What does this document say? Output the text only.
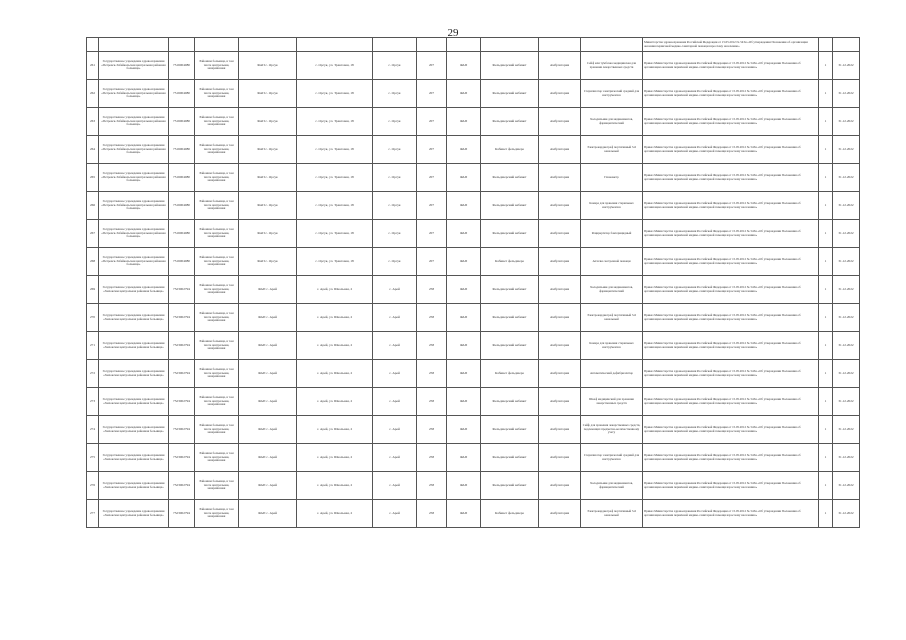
29
												Министерства здравоохранения Российской Федерации от 15.05.2012 № 543н «Об утверждении Положения об организации оказания первичной медико-санитарной помощи взрослому населению»		
261	Государственное учреждение здравоохранения «Петровск-Забайкальская центральная районная больница»	7516004080	Районная больница, в том числе центральная, межрайонная	ФАП с. Орсук	с. Орсук, ул. Трактовая, 18	с. Орсук	207	ФАП	Фельдшерский кабинет	Амбулатория	Сейф или тумбочка медицинская для хранения лекарственных средств	Приказ Министерства здравоохранения Российской Федерации от 15.05.2012 № 543н «Об утверждении Положения об организации оказания первичной медико-санитарной помощи взрослому населению»	1	31.12.2022
262	Государственное учреждение здравоохранения «Петровск-Забайкальская центральная районная больница»	7516004080	Районная больница, в том числе центральная, межрайонная	ФАП с. Орсук	с. Орсук, ул. Трактовая, 18	с. Орсук	207	ФАП	Фельдшерский кабинет	Амбулатория	Стерилизатор электрический средний для инструментов	Приказ Министерства здравоохранения Российской Федерации от 15.05.2012 № 543н «Об утверждении Положения об организации оказания первичной медико-санитарной помощи взрослому населению»	1	31.12.2022
263	Государственное учреждение здравоохранения «Петровск-Забайкальская центральная районная больница»	7516004080	Районная больница, в том числе центральная, межрайонная	ФАП с. Орсук	с. Орсук, ул. Трактовая, 18	с. Орсук	207	ФАП	Фельдшерский кабинет	Амбулатория	Холодильник для медикаментов, фармацевтический	Приказ Министерства здравоохранения Российской Федерации от 15.05.2012 № 543н «Об утверждении Положения об организации оказания первичной медико-санитарной помощи взрослому населению»	1	31.12.2022
264	Государственное учреждение здравоохранения «Петровск-Забайкальская центральная районная больница»	7516004080	Районная больница, в том числе центральная, межрайонная	ФАП с. Орсук	с. Орсук, ул. Трактовая, 18	с. Орсук	207	ФАП	Кабинет фельдшера	Амбулатория	Электрокардиограф портативный 3-6 канальный	Приказ Министерства здравоохранения Российской Федерации от 15.05.2012 № 543н «Об утверждении Положения об организации оказания первичной медико-санитарной помощи взрослому населению»	1	31.12.2022
265	Государственное учреждение здравоохранения «Петровск-Забайкальская центральная районная больница»	7516004080	Районная больница, в том числе центральная, межрайонная	ФАП с. Орсук	с. Орсук, ул. Трактовая, 18	с. Орсук	207	ФАП	Фельдшерский кабинет	Амбулатория	Глюкометр	Приказ Министерства здравоохранения Российской Федерации от 15.05.2012 № 543н «Об утверждении Положения об организации оказания первичной медико-санитарной помощи взрослому населению»	1	31.12.2022
266	Государственное учреждение здравоохранения «Петровск-Забайкальская центральная районная больница»	7516004080	Районная больница, в том числе центральная, межрайонная	ФАП с. Орсук	с. Орсук, ул. Трактовая, 18	с. Орсук	207	ФАП	Фельдшерский кабинет	Амбулатория	Камера для хранения стерильных инструментов	Приказ Министерства здравоохранения Российской Федерации от 15.05.2012 № 543н «Об утверждении Положения об организации оказания первичной медико-санитарной помощи взрослому населению»	1	31.12.2022
267	Государственное учреждение здравоохранения «Петровск-Забайкальская центральная районная больница»	7516004080	Районная больница, в том числе центральная, межрайонная	ФАП с. Орсук	с. Орсук, ул. Трактовая, 18	с. Орсук	207	ФАП	Фельдшерский кабинет	Амбулатория	Рециркулятор бактерицидный	Приказ Министерства здравоохранения Российской Федерации от 15.05.2012 № 543н «Об утверждении Положения об организации оказания первичной медико-санитарной помощи взрослому населению»	1	31.12.2022
268	Государственное учреждение здравоохранения «Петровск-Забайкальская центральная районная больница»	7516004080	Районная больница, в том числе центральная, межрайонная	ФАП с. Орсук	с. Орсук, ул. Трактовая, 18	с. Орсук	207	ФАП	Кабинет фельдшера	Амбулатория	Аптечка экстренной помощи	Приказ Министерства здравоохранения Российской Федерации от 15.05.2012 № 543н «Об утверждении Положения об организации оказания первичной медико-санитарной помощи взрослому населению»	1	31.12.2022
269	Государственное учреждение здравоохранения «Хилокская центральная районная больница»	7523002794	Районная больница, в том числе центральная, межрайонная	ФАП с. Арей	с. Арей, ул. Школьная, 2	с. Арей	258	ФАП	Фельдшерский кабинет	Амбулатория	Холодильник для медикаментов, фармацевтический	Приказ Министерства здравоохранения Российской Федерации от 15.05.2012 № 543н «Об утверждении Положения об организации оказания первичной медико-санитарной помощи взрослому населению»	1	31.12.2022
270	Государственное учреждение здравоохранения «Хилокская центральная районная больница»	7523002794	Районная больница, в том числе центральная, межрайонная	ФАП с. Арей	с. Арей, ул. Школьная, 2	с. Арей	258	ФАП	Фельдшерский кабинет	Амбулатория	Электрокардиограф портативный 3-6 канальный	Приказ Министерства здравоохранения Российской Федерации от 15.05.2012 № 543н «Об утверждении Положения об организации оказания первичной медико-санитарной помощи взрослому населению»	1	31.12.2022
271	Государственное учреждение здравоохранения «Хилокская центральная районная больница»	7523002794	Районная больница, в том числе центральная, межрайонная	ФАП с. Арей	с. Арей, ул. Школьная, 2	с. Арей	258	ФАП	Фельдшерский кабинет	Амбулатория	Камера для хранения стерильных инструментов	Приказ Министерства здравоохранения Российской Федерации от 15.05.2012 № 543н «Об утверждении Положения об организации оказания первичной медико-санитарной помощи взрослому населению»	1	31.12.2022
272	Государственное учреждение здравоохранения «Хилокская центральная районная больница»	7523002794	Районная больница, в том числе центральная, межрайонная	ФАП с. Арей	с. Арей, ул. Школьная, 2	с. Арей	258	ФАП	Кабинет фельдшера	Амбулатория	Автоматический дефибриллятор	Приказ Министерства здравоохранения Российской Федерации от 15.05.2012 № 543н «Об утверждении Положения об организации оказания первичной медико-санитарной помощи взрослому населению»	1	31.12.2022
273	Государственное учреждение здравоохранения «Хилокская центральная районная больница»	7523002794	Районная больница, в том числе центральная, межрайонная	ФАП с. Арей	с. Арей, ул. Школьная, 2	с. Арей	258	ФАП	Фельдшерский кабинет	Амбулатория	Шкаф медицинский для хранения лекарственных средств	Приказ Министерства здравоохранения Российской Федерации от 15.05.2012 № 543н «Об утверждении Положения об организации оказания первичной медико-санитарной помощи взрослому населению»	1	31.12.2022
274	Государственное учреждение здравоохранения «Хилокская центральная районная больница»	7523002794	Районная больница, в том числе центральная, межрайонная	ФАП с. Арей	с. Арей, ул. Школьная, 2	с. Арей	258	ФАП	Фельдшерский кабинет	Амбулатория	Сейф для хранения лекарственных средств, подлежащих предметно-количественному учету	Приказ Министерства здравоохранения Российской Федерации от 15.05.2012 № 543н «Об утверждении Положения об организации оказания первичной медико-санитарной помощи взрослому населению»	1	31.12.2022
275	Государственное учреждение здравоохранения «Хилокская центральная районная больница»	7523002794	Районная больница, в том числе центральная, межрайонная	ФАП с. Арей	с. Арей, ул. Школьная, 2	с. Арей	258	ФАП	Фельдшерский кабинет	Амбулатория	Стерилизатор электрический средний для инструментов	Приказ Министерства здравоохранения Российской Федерации от 15.05.2012 № 543н «Об утверждении Положения об организации оказания первичной медико-санитарной помощи взрослому населению»	1	31.12.2022
276	Государственное учреждение здравоохранения «Хилокская центральная районная больница»	7523002794	Районная больница, в том числе центральная, межрайонная	ФАП с. Арей	с. Арей, ул. Школьная, 2	с. Арей	258	ФАП	Фельдшерский кабинет	Амбулатория	Холодильник для медикаментов, фармацевтический	Приказ Министерства здравоохранения Российской Федерации от 15.05.2012 № 543н «Об утверждении Положения об организации оказания первичной медико-санитарной помощи взрослому населению»	1	31.12.2022
277	Государственное учреждение здравоохранения «Хилокская центральная районная больница»	7523002794	Районная больница, в том числе центральная, межрайонная	ФАП с. Арей	с. Арей, ул. Школьная, 2	с. Арей	258	ФАП	Кабинет фельдшера	Амбулатория	Электрокардиограф портативный 3-6 канальный	Приказ Министерства здравоохранения Российской Федерации от 15.05.2012 № 543н «Об утверждении Положения об организации оказания первичной медико-санитарной помощи взрослому населению»	1	31.12.2022
